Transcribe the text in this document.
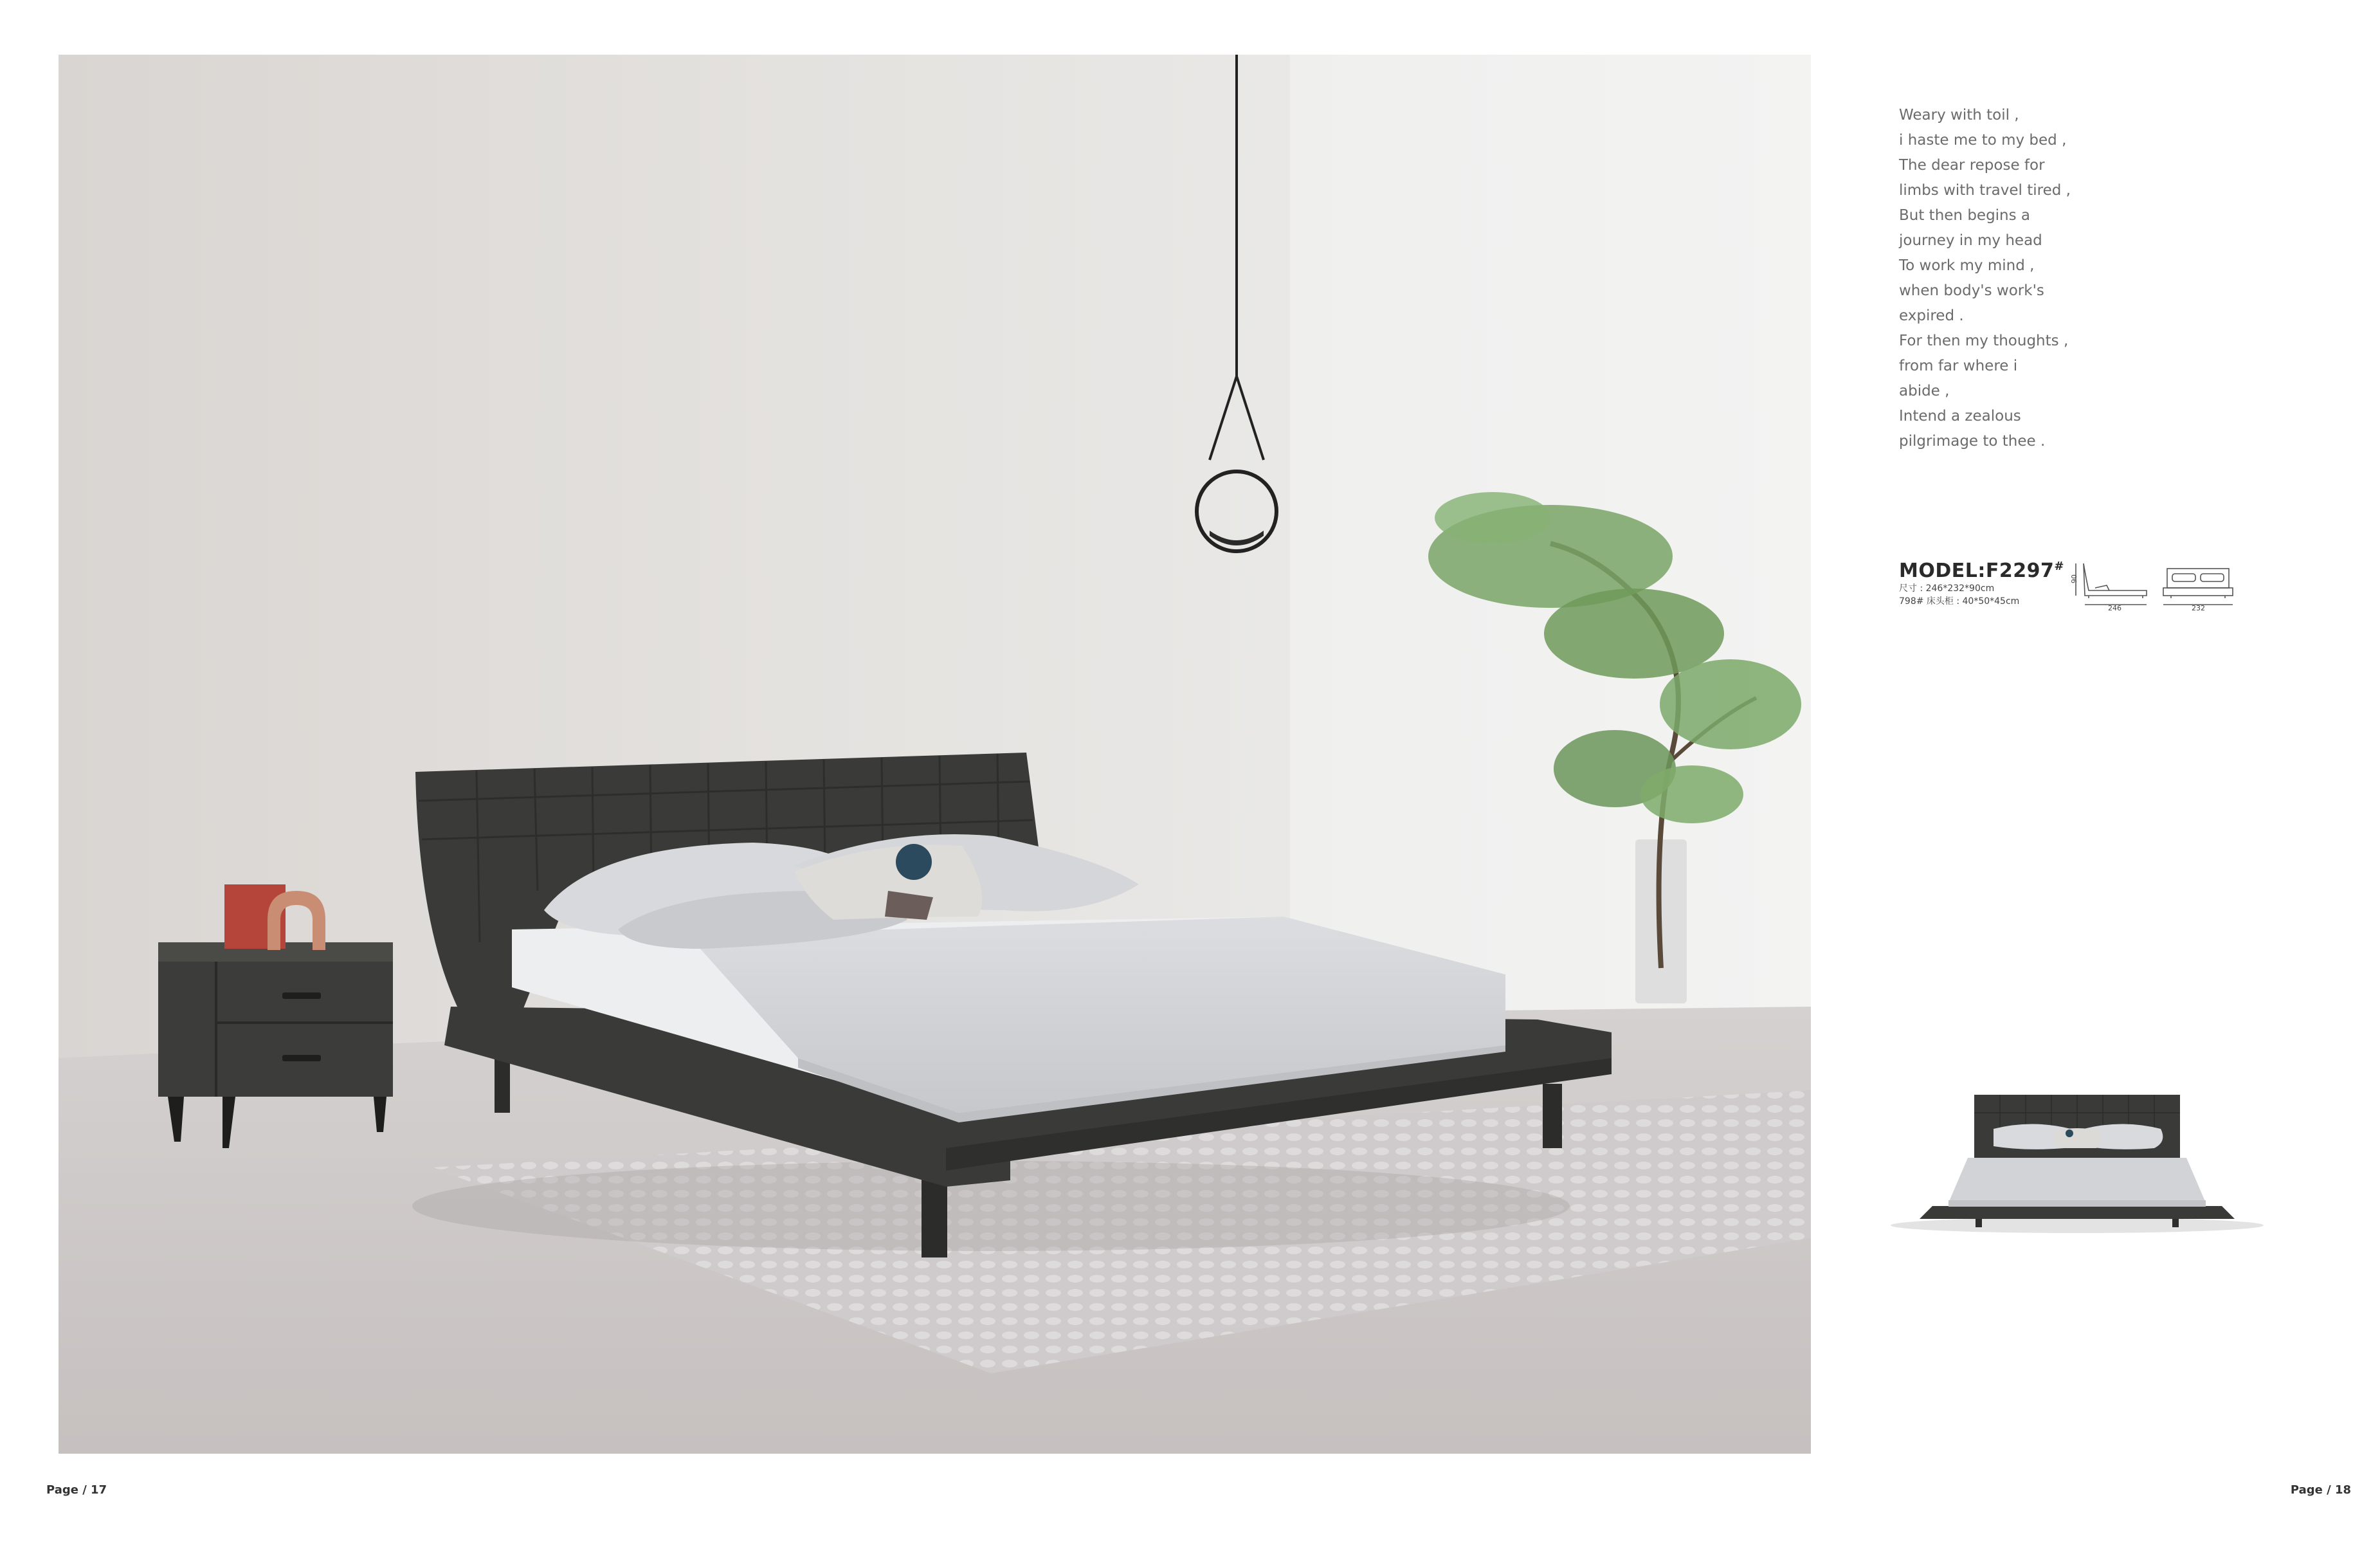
Weary with toil ,
i haste me to my bed ,
The dear repose for
limbs with travel tired ,
But then begins a
journey in my head
To work my mind ,
when body's work's
expired .
For then my thoughts ,
from far where i
abide ,
Intend a zealous
pilgrimage to thee .
MODEL:F2297#
尺寸 : 246*232*90cm
798# 床头柜 : 40*50*45cm
90
246	232
Page / 17	Page / 18
